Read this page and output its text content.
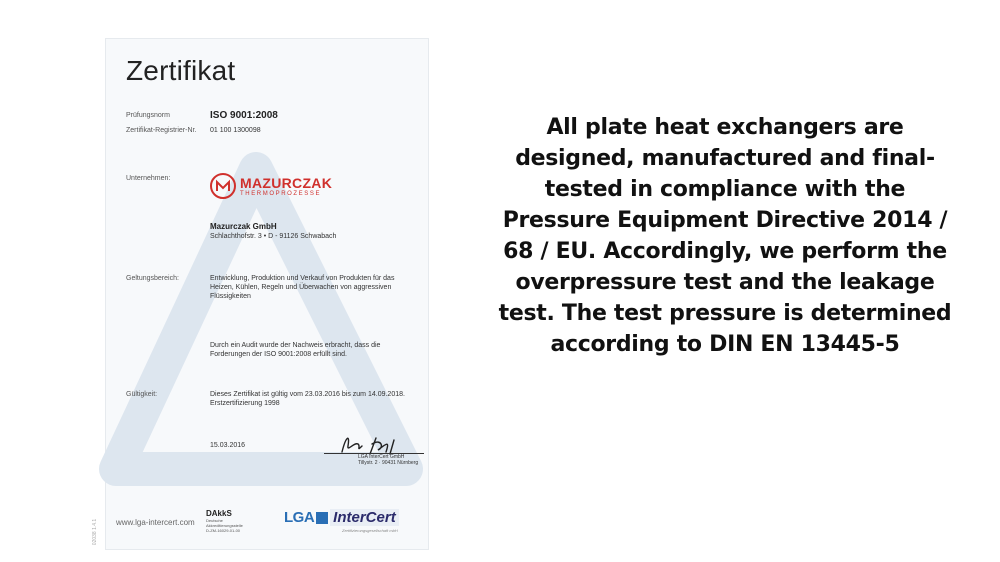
Zertifikat
Prüfungsnorm	ISO 9001:2008
Zertifikat-Registrier-Nr. 01 100 1300098
Unternehmen:	MAZURCZAK
THERMOPROZESSE
Mazurczak GmbH
Schlachthofstr. 3 • D - 91126 Schwabach
Geltungsbereich:	Entwicklung, Produktion und Verkauf von Produkten für das
Heizen, Kühlen, Regeln und Überwachen von aggressiven
Flüssigkeiten
Durch ein Audit wurde der Nachweis erbracht, dass die
Forderungen der ISO 9001:2008 erfüllt sind.
Gültigkeit:	Dieses Zertifikat ist gültig vom 23.03.2016 bis zum 14.09.2018.
Erstzertifizierung 1998
15.03.2016
LGA InterCert GmbH
Tillystr. 2 · 90431 Nürnberg
www.lga-intercert.com
DAkkS
Deutsche
Akkreditierungsstelle
D-ZM-16029-01-00
LGA InterCert
Zertifizierungsgesellschaft mbH
02038 1.4.1
All plate heat exchangers are designed, manufactured and final-tested in compliance with the Pressure Equipment Directive 2014 / 68 / EU. Accordingly, we perform the overpressure test and the leakage test. The test pressure is determined according to DIN EN 13445-5
